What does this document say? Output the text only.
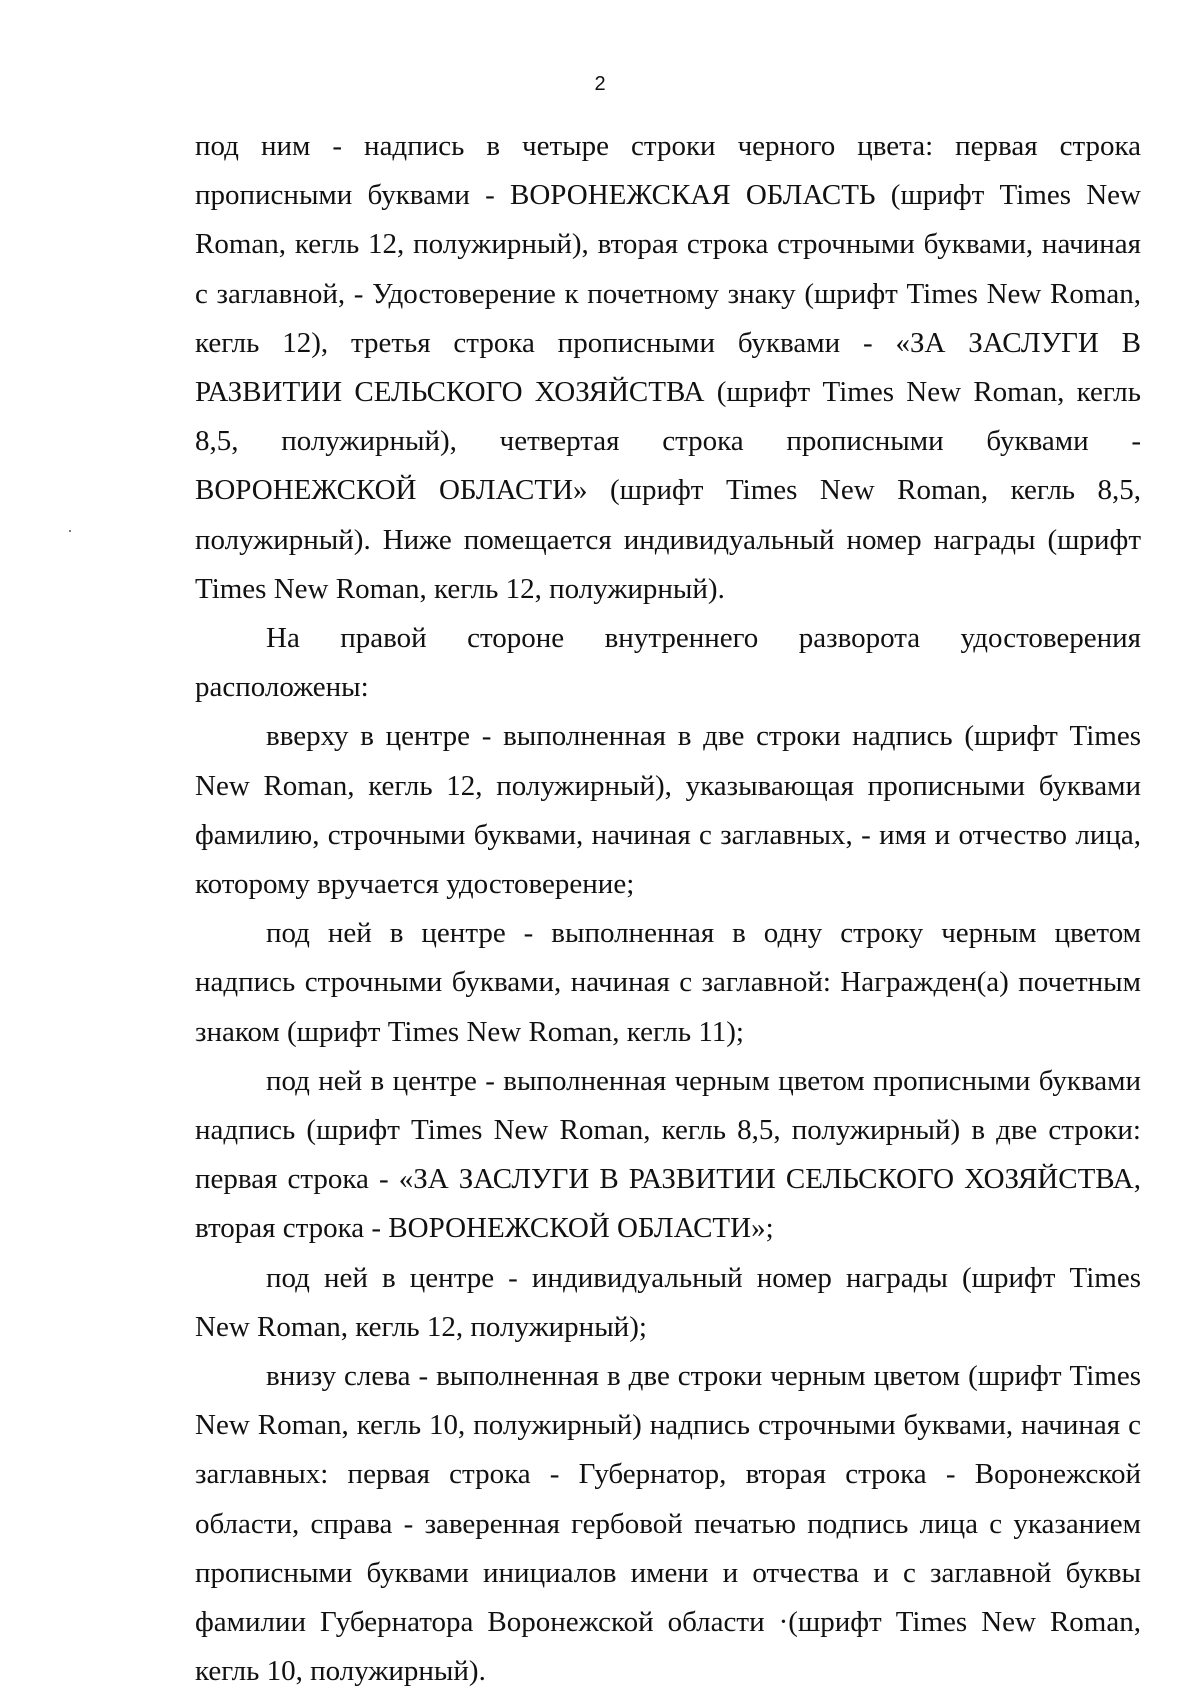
2

под ним - надпись в четыре строки черного цвета: первая строка прописными буквами - ВОРОНЕЖСКАЯ ОБЛАСТЬ (шрифт Times New Roman, кегль 12, полужирный), вторая строка строчными буквами, начиная с заглавной, - Удостоверение к почетному знаку (шрифт Times New Roman, кегль 12), третья строка прописными буквами - «ЗА ЗАСЛУГИ В РАЗВИТИИ СЕЛЬСКОГО ХОЗЯЙСТВА (шрифт Times New Roman, кегль 8,5, полужирный), четвертая строка прописными буквами - ВОРОНЕЖСКОЙ ОБЛАСТИ» (шрифт Times New Roman, кегль 8,5, полужирный). Ниже помещается индивидуальный номер награды (шрифт Times New Roman, кегль 12, полужирный).

На правой стороне внутреннего разворота удостоверения расположены:

вверху в центре - выполненная в две строки надпись (шрифт Times New Roman, кегль 12, полужирный), указывающая прописными буквами фамилию, строчными буквами, начиная с заглавных, - имя и отчество лица, которому вручается удостоверение;

под ней в центре - выполненная в одну строку черным цветом надпись строчными буквами, начиная с заглавной: Награжден(а) почетным знаком (шрифт Times New Roman, кегль 11);

под ней в центре - выполненная черным цветом прописными буквами надпись (шрифт Times New Roman, кегль 8,5, полужирный) в две строки: первая строка - «ЗА ЗАСЛУГИ В РАЗВИТИИ СЕЛЬСКОГО ХОЗЯЙСТВА, вторая строка - ВОРОНЕЖСКОЙ ОБЛАСТИ»;

под ней в центре - индивидуальный номер награды (шрифт Times New Roman, кегль 12, полужирный);

внизу слева - выполненная в две строки черным цветом (шрифт Times New Roman, кегль 10, полужирный) надпись строчными буквами, начиная с заглавных: первая строка - Губернатор, вторая строка - Воронежской области, справа - заверенная гербовой печатью подпись лица с указанием прописными буквами инициалов имени и отчества и с заглавной буквы фамилии Губернатора Воронежской области ·(шрифт Times New Roman, кегль 10, полужирный).
